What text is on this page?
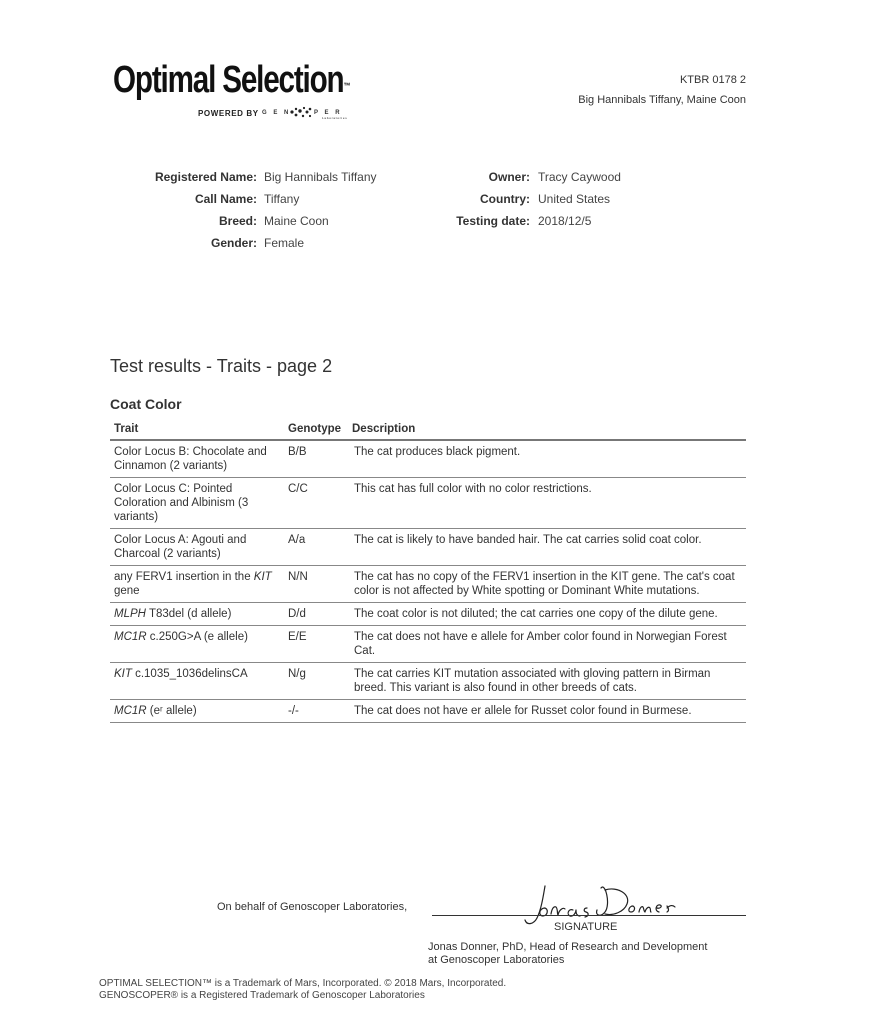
Optimal Selection™
POWERED BY G E N	P E R
Laboratories
KTBR 0178 2
Big Hannibals Tiffany, Maine Coon
Registered Name: Big Hannibals Tiffany
Call Name: Tiffany
Breed: Maine Coon
Gender: Female
Owner: Tracy Caywood
Country: United States
Testing date: 2018/12/5
Test results - Traits - page 2
Coat Color
Trait	Genotype	Description
Color Locus B: Chocolate and Cinnamon (2 variants)	B/B	The cat produces black pigment.
Color Locus C: Pointed Coloration and Albinism (3 variants)	C/C	This cat has full color with no color restrictions.
Color Locus A: Agouti and Charcoal (2 variants)	A/a	The cat is likely to have banded hair. The cat carries solid coat color.
any FERV1 insertion in the KIT gene	N/N	The cat has no copy of the FERV1 insertion in the KIT gene. The cat's coat color is not affected by White spotting or Dominant White mutations.
MLPH T83del (d allele)	D/d	The coat color is not diluted; the cat carries one copy of the dilute gene.
MC1R c.250G>A (e allele)	E/E	The cat does not have e allele for Amber color found in Norwegian Forest Cat.
KIT c.1035_1036delinsCA	N/g	The cat carries KIT mutation associated with gloving pattern in Birman breed. This variant is also found in other breeds of cats.
MC1R (eʳ allele)	-/-	The cat does not have er allele for Russet color found in Burmese.
On behalf of Genoscoper Laboratories,
SIGNATURE
Jonas Donner, PhD, Head of Research and Development
at Genoscoper Laboratories
OPTIMAL SELECTION™ is a Trademark of Mars, Incorporated. © 2018 Mars, Incorporated.
GENOSCOPER® is a Registered Trademark of Genoscoper Laboratories
